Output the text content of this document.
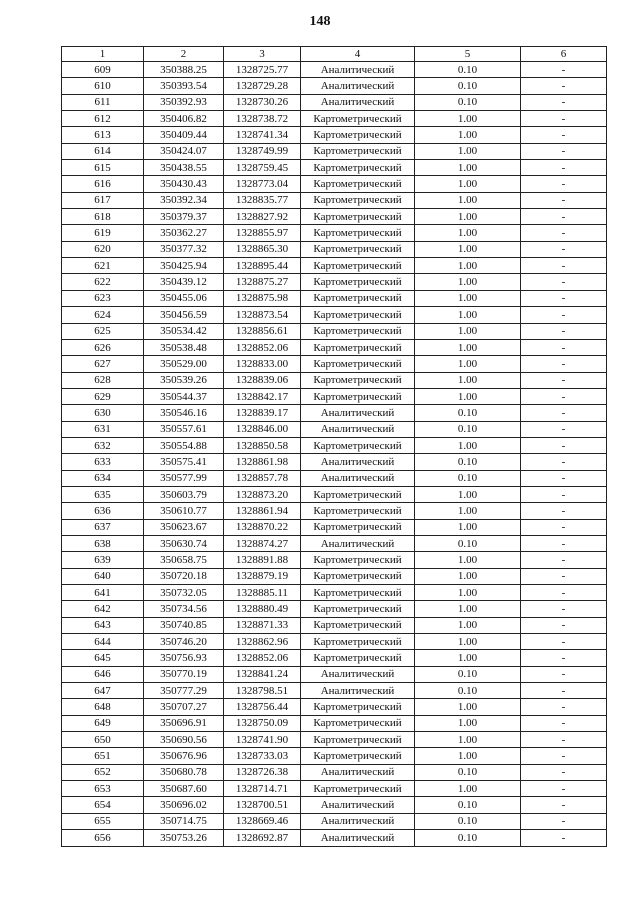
148
1	2	3	4	5	6
609	350388.25	1328725.77	Аналитический	0.10	-
610	350393.54	1328729.28	Аналитический	0.10	-
611	350392.93	1328730.26	Аналитический	0.10	-
612	350406.82	1328738.72	Картометрический	1.00	-
613	350409.44	1328741.34	Картометрический	1.00	-
614	350424.07	1328749.99	Картометрический	1.00	-
615	350438.55	1328759.45	Картометрический	1.00	-
616	350430.43	1328773.04	Картометрический	1.00	-
617	350392.34	1328835.77	Картометрический	1.00	-
618	350379.37	1328827.92	Картометрический	1.00	-
619	350362.27	1328855.97	Картометрический	1.00	-
620	350377.32	1328865.30	Картометрический	1.00	-
621	350425.94	1328895.44	Картометрический	1.00	-
622	350439.12	1328875.27	Картометрический	1.00	-
623	350455.06	1328875.98	Картометрический	1.00	-
624	350456.59	1328873.54	Картометрический	1.00	-
625	350534.42	1328856.61	Картометрический	1.00	-
626	350538.48	1328852.06	Картометрический	1.00	-
627	350529.00	1328833.00	Картометрический	1.00	-
628	350539.26	1328839.06	Картометрический	1.00	-
629	350544.37	1328842.17	Картометрический	1.00	-
630	350546.16	1328839.17	Аналитический	0.10	-
631	350557.61	1328846.00	Аналитический	0.10	-
632	350554.88	1328850.58	Картометрический	1.00	-
633	350575.41	1328861.98	Аналитический	0.10	-
634	350577.99	1328857.78	Аналитический	0.10	-
635	350603.79	1328873.20	Картометрический	1.00	-
636	350610.77	1328861.94	Картометрический	1.00	-
637	350623.67	1328870.22	Картометрический	1.00	-
638	350630.74	1328874.27	Аналитический	0.10	-
639	350658.75	1328891.88	Картометрический	1.00	-
640	350720.18	1328879.19	Картометрический	1.00	-
641	350732.05	1328885.11	Картометрический	1.00	-
642	350734.56	1328880.49	Картометрический	1.00	-
643	350740.85	1328871.33	Картометрический	1.00	-
644	350746.20	1328862.96	Картометрический	1.00	-
645	350756.93	1328852.06	Картометрический	1.00	-
646	350770.19	1328841.24	Аналитический	0.10	-
647	350777.29	1328798.51	Аналитический	0.10	-
648	350707.27	1328756.44	Картометрический	1.00	-
649	350696.91	1328750.09	Картометрический	1.00	-
650	350690.56	1328741.90	Картометрический	1.00	-
651	350676.96	1328733.03	Картометрический	1.00	-
652	350680.78	1328726.38	Аналитический	0.10	-
653	350687.60	1328714.71	Картометрический	1.00	-
654	350696.02	1328700.51	Аналитический	0.10	-
655	350714.75	1328669.46	Аналитический	0.10	-
656	350753.26	1328692.87	Аналитический	0.10	-
